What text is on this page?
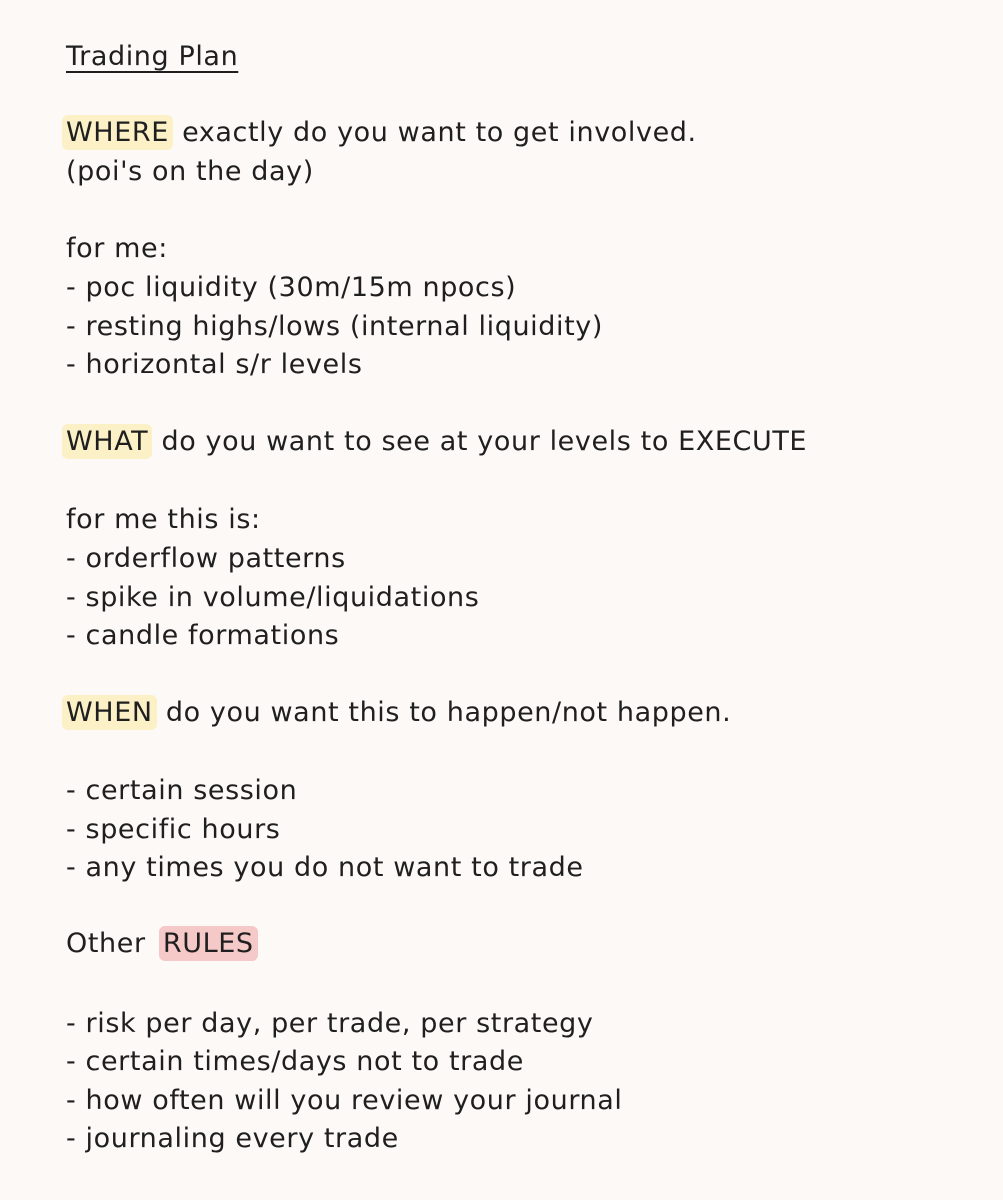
Trading Plan
WHERE exactly do you want to get involved.
(poi's on the day)
for me:
- poc liquidity (30m/15m npocs)
- resting highs/lows (internal liquidity)
- horizontal s/r levels
WHAT do you want to see at your levels to EXECUTE
for me this is:
- orderflow patterns
- spike in volume/liquidations
- candle formations
WHEN do you want this to happen/not happen.
- certain session
- specific hours
- any times you do not want to trade
Other RULES
- risk per day, per trade, per strategy
- certain times/days not to trade
- how often will you review your journal
- journaling every trade
